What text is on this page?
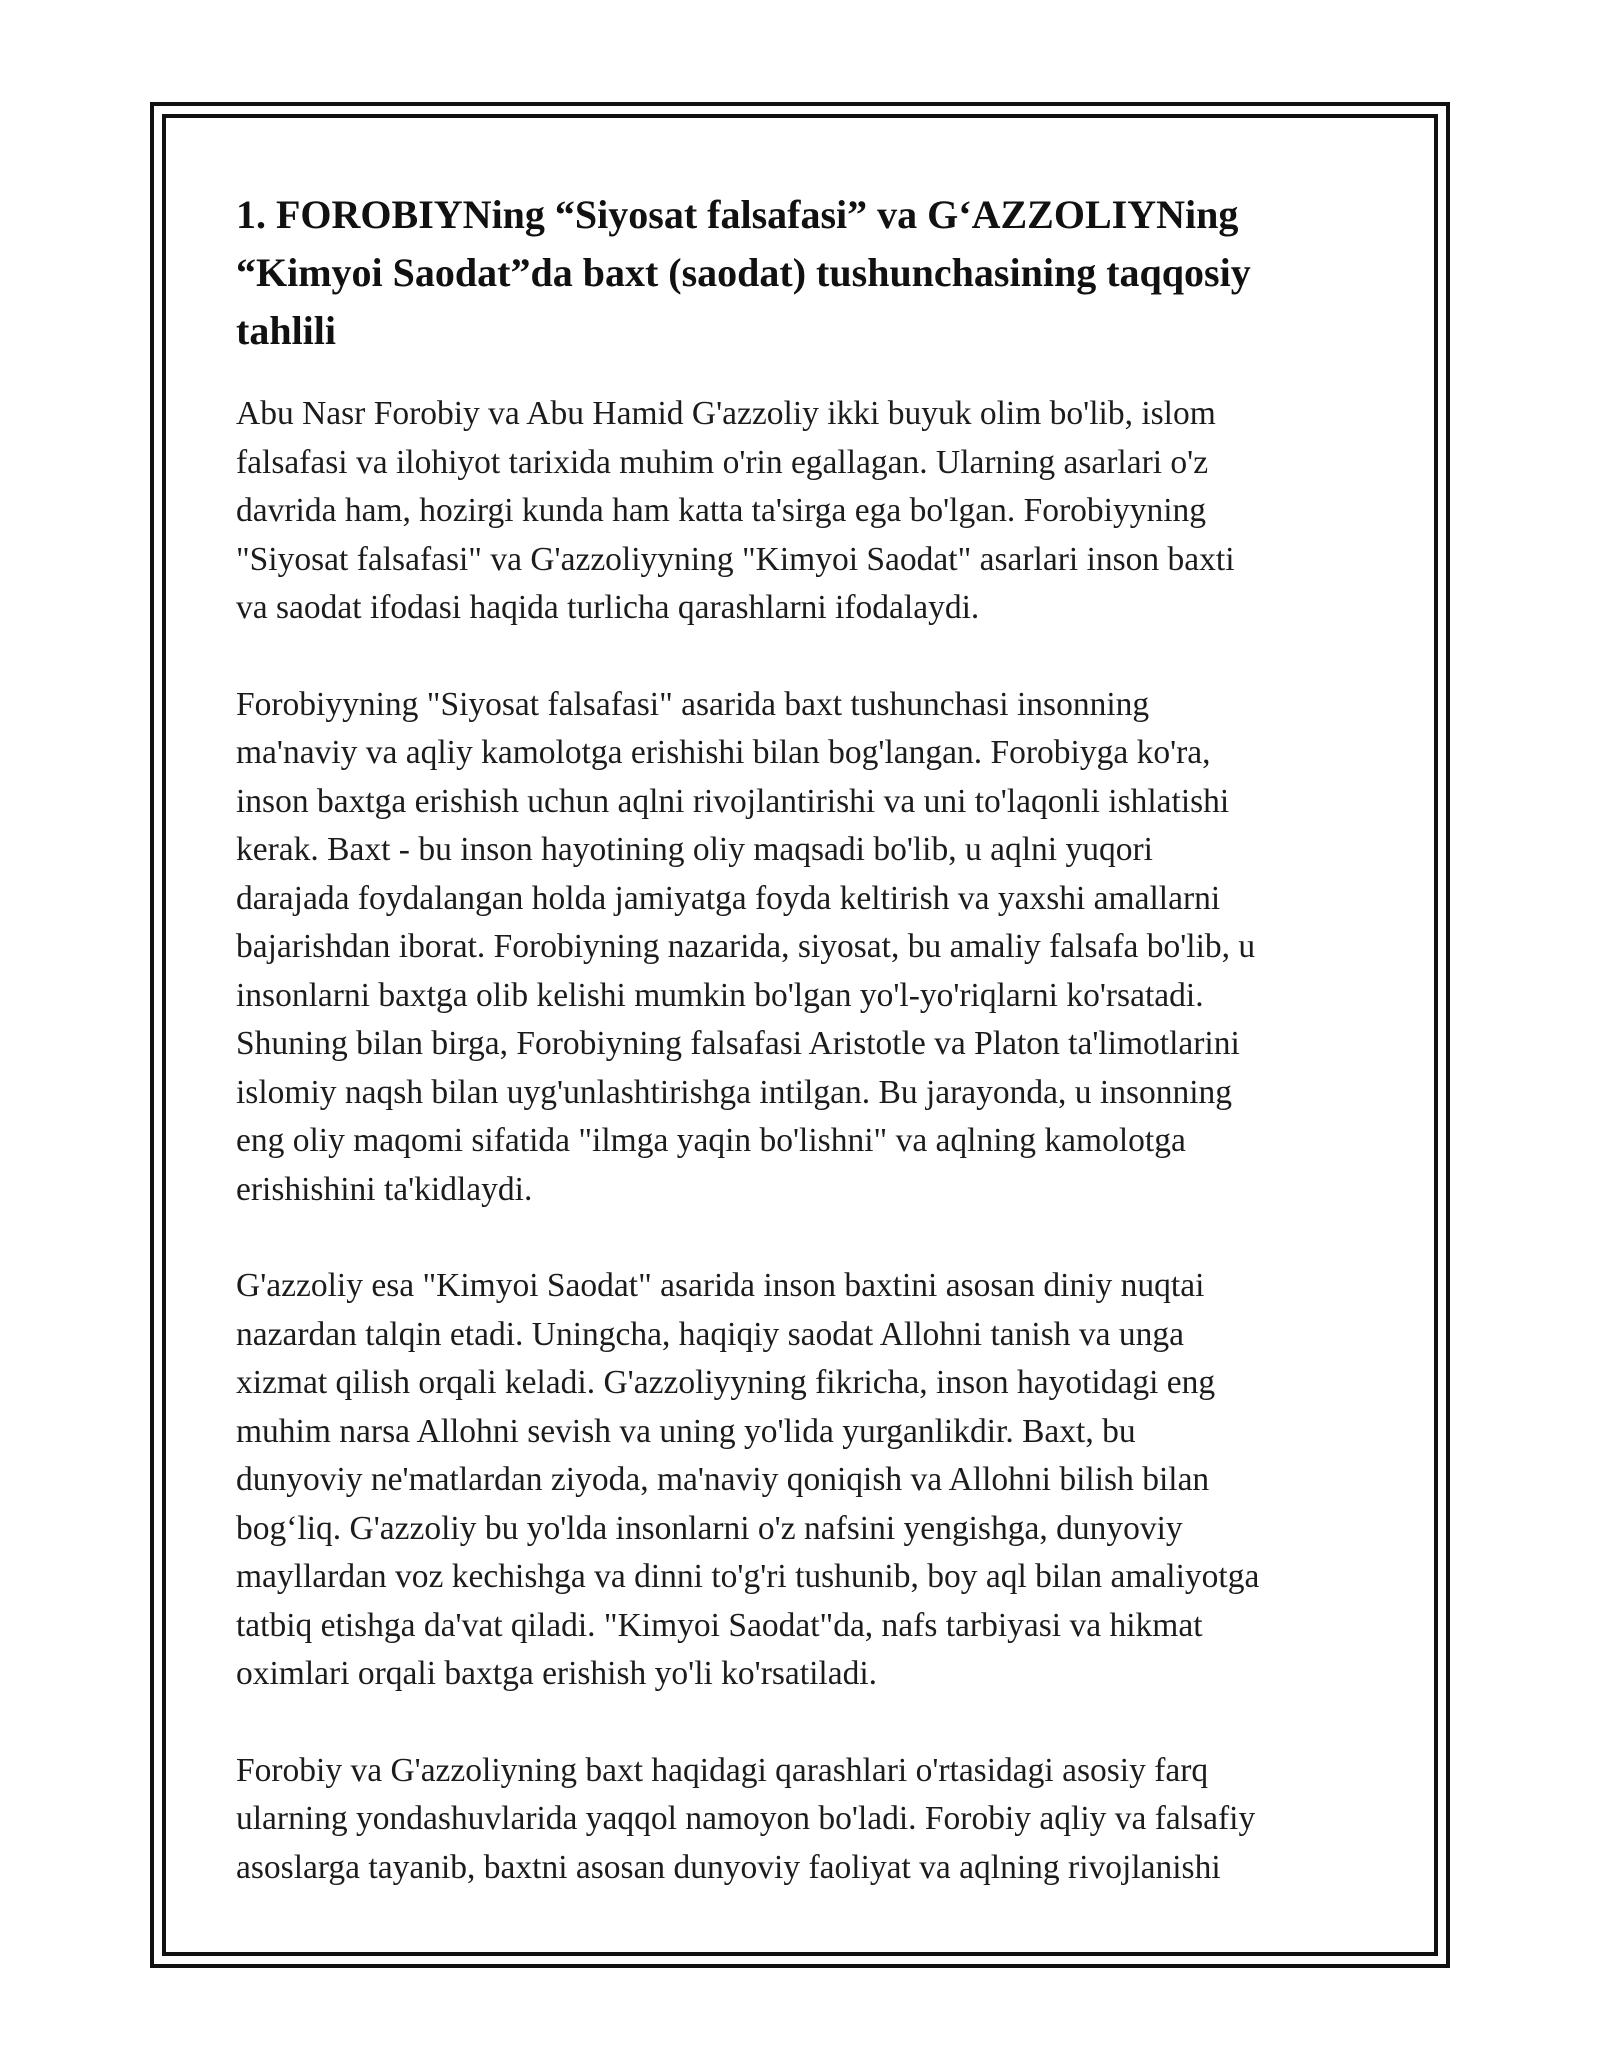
1. FOROBIYNing “Siyosat falsafasi” va G‘AZZOLIYNing
“Kimyoi Saodat”da baxt (saodat) tushunchasining taqqosiy
tahlili
Abu Nasr Forobiy va Abu Hamid G'azzoliy ikki buyuk olim bo'lib, islom
falsafasi va ilohiyot tarixida muhim o'rin egallagan. Ularning asarlari o'z
davrida ham, hozirgi kunda ham katta ta'sirga ega bo'lgan. Forobiyyning
"Siyosat falsafasi" va G'azzoliyyning "Kimyoi Saodat" asarlari inson baxti
va saodat ifodasi haqida turlicha qarashlarni ifodalaydi.
Forobiyyning "Siyosat falsafasi" asarida baxt tushunchasi insonning
ma'naviy va aqliy kamolotga erishishi bilan bog'langan. Forobiyga ko'ra,
inson baxtga erishish uchun aqlni rivojlantirishi va uni to'laqonli ishlatishi
kerak. Baxt - bu inson hayotining oliy maqsadi bo'lib, u aqlni yuqori
darajada foydalangan holda jamiyatga foyda keltirish va yaxshi amallarni
bajarishdan iborat. Forobiyning nazarida, siyosat, bu amaliy falsafa bo'lib, u
insonlarni baxtga olib kelishi mumkin bo'lgan yo'l-yo'riqlarni ko'rsatadi.
Shuning bilan birga, Forobiyning falsafasi Aristotle va Platon ta'limotlarini
islomiy naqsh bilan uyg'unlashtirishga intilgan. Bu jarayonda, u insonning
eng oliy maqomi sifatida "ilmga yaqin bo'lishni" va aqlning kamolotga
erishishini ta'kidlaydi.
G'azzoliy esa "Kimyoi Saodat" asarida inson baxtini asosan diniy nuqtai
nazardan talqin etadi. Uningcha, haqiqiy saodat Allohni tanish va unga
xizmat qilish orqali keladi. G'azzoliyyning fikricha, inson hayotidagi eng
muhim narsa Allohni sevish va uning yo'lida yurganlikdir. Baxt, bu
dunyoviy ne'matlardan ziyoda, ma'naviy qoniqish va Allohni bilish bilan
bog‘liq. G'azzoliy bu yo'lda insonlarni o'z nafsini yengishga, dunyoviy
mayllardan voz kechishga va dinni to'g'ri tushunib, boy aql bilan amaliyotga
tatbiq etishga da'vat qiladi. "Kimyoi Saodat"da, nafs tarbiyasi va hikmat
oximlari orqali baxtga erishish yo'li ko'rsatiladi.
Forobiy va G'azzoliyning baxt haqidagi qarashlari o'rtasidagi asosiy farq
ularning yondashuvlarida yaqqol namoyon bo'ladi. Forobiy aqliy va falsafiy
asoslarga tayanib, baxtni asosan dunyoviy faoliyat va aqlning rivojlanishi
